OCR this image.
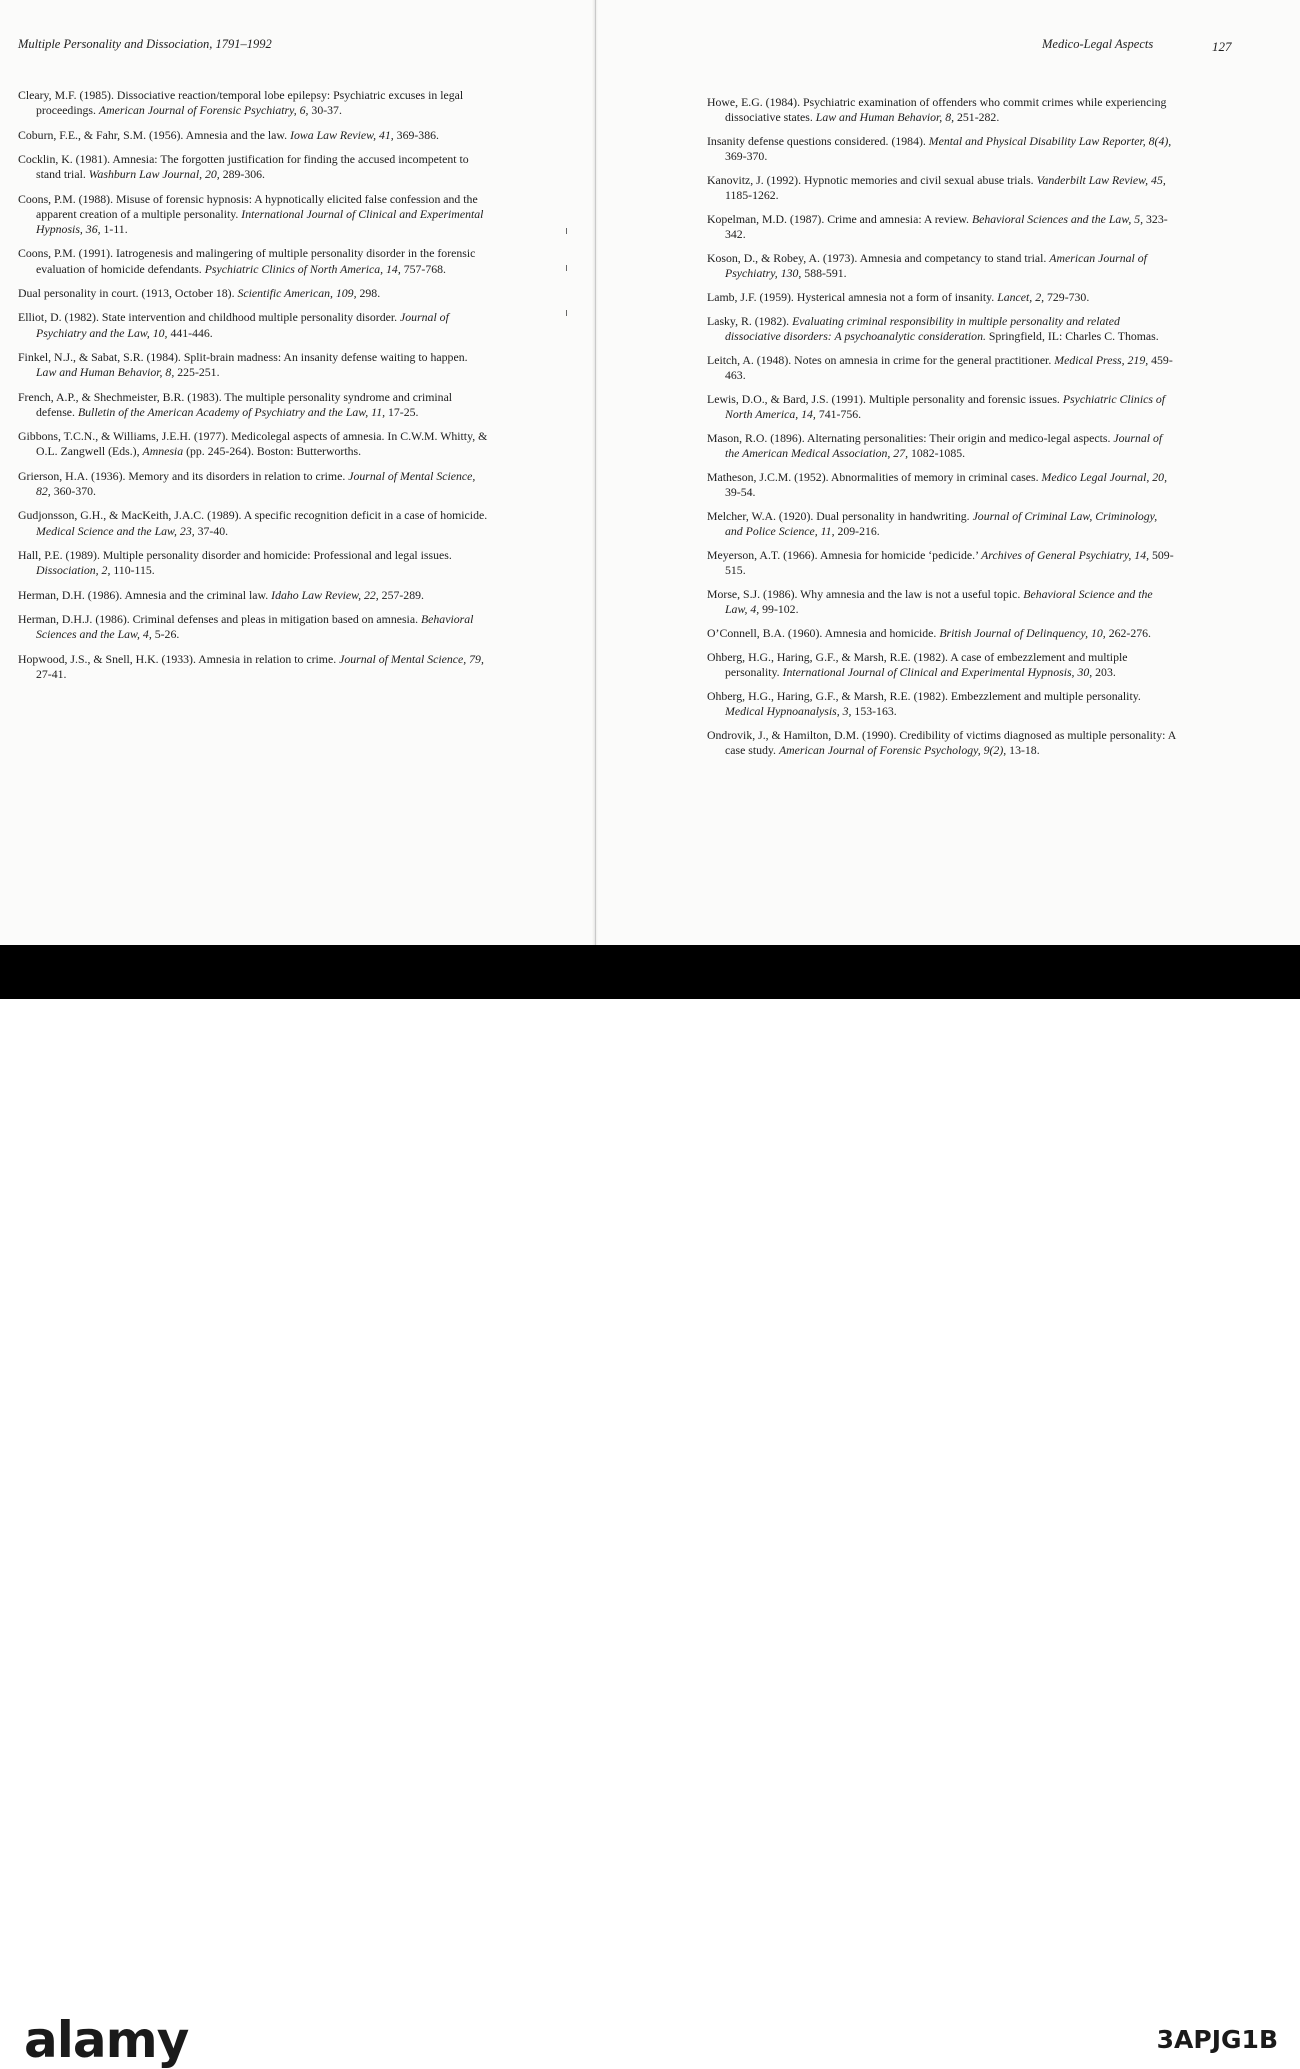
Multiple Personality and Dissociation, 1791–1992	Medico-Legal Aspects	127
Cleary, M.F. (1985). Dissociative reaction/temporal lobe epilepsy: Psychiatric excuses in legal proceedings. American Journal of Forensic Psychiatry, 6, 30-37.
Coburn, F.E., & Fahr, S.M. (1956). Amnesia and the law. Iowa Law Review, 41, 369-386.
Cocklin, K. (1981). Amnesia: The forgotten justification for finding the accused incompetent to stand trial. Washburn Law Journal, 20, 289-306.
Coons, P.M. (1988). Misuse of forensic hypnosis: A hypnotically elicited false confession and the apparent creation of a multiple personality. International Journal of Clinical and Experimental Hypnosis, 36, 1-11.
Coons, P.M. (1991). Iatrogenesis and malingering of multiple personality disorder in the forensic evaluation of homicide defendants. Psychiatric Clinics of North America, 14, 757-768.
Dual personality in court. (1913, October 18). Scientific American, 109, 298.
Elliot, D. (1982). State intervention and childhood multiple personality disorder. Journal of Psychiatry and the Law, 10, 441-446.
Finkel, N.J., & Sabat, S.R. (1984). Split-brain madness: An insanity defense waiting to happen. Law and Human Behavior, 8, 225-251.
French, A.P., & Shechmeister, B.R. (1983). The multiple personality syndrome and criminal defense. Bulletin of the American Academy of Psychiatry and the Law, 11, 17-25.
Gibbons, T.C.N., & Williams, J.E.H. (1977). Medicolegal aspects of amnesia. In C.W.M. Whitty, & O.L. Zangwell (Eds.), Amnesia (pp. 245-264). Boston: Butterworths.
Grierson, H.A. (1936). Memory and its disorders in relation to crime. Journal of Mental Science, 82, 360-370.
Gudjonsson, G.H., & MacKeith, J.A.C. (1989). A specific recognition deficit in a case of homicide. Medical Science and the Law, 23, 37-40.
Hall, P.E. (1989). Multiple personality disorder and homicide: Professional and legal issues. Dissociation, 2, 110-115.
Herman, D.H. (1986). Amnesia and the criminal law. Idaho Law Review, 22, 257-289.
Herman, D.H.J. (1986). Criminal defenses and pleas in mitigation based on amnesia. Behavioral Sciences and the Law, 4, 5-26.
Hopwood, J.S., & Snell, H.K. (1933). Amnesia in relation to crime. Journal of Mental Science, 79, 27-41.
Howe, E.G. (1984). Psychiatric examination of offenders who commit crimes while experiencing dissociative states. Law and Human Behavior, 8, 251-282.
Insanity defense questions considered. (1984). Mental and Physical Disability Law Reporter, 8(4), 369-370.
Kanovitz, J. (1992). Hypnotic memories and civil sexual abuse trials. Vanderbilt Law Review, 45, 1185-1262.
Kopelman, M.D. (1987). Crime and amnesia: A review. Behavioral Sciences and the Law, 5, 323-342.
Koson, D., & Robey, A. (1973). Amnesia and competancy to stand trial. American Journal of Psychiatry, 130, 588-591.
Lamb, J.F. (1959). Hysterical amnesia not a form of insanity. Lancet, 2, 729-730.
Lasky, R. (1982). Evaluating criminal responsibility in multiple personality and related dissociative disorders: A psychoanalytic consideration. Springfield, IL: Charles C. Thomas.
Leitch, A. (1948). Notes on amnesia in crime for the general practitioner. Medical Press, 219, 459-463.
Lewis, D.O., & Bard, J.S. (1991). Multiple personality and forensic issues. Psychiatric Clinics of North America, 14, 741-756.
Mason, R.O. (1896). Alternating personalities: Their origin and medico-legal aspects. Journal of the American Medical Association, 27, 1082-1085.
Matheson, J.C.M. (1952). Abnormalities of memory in criminal cases. Medico Legal Journal, 20, 39-54.
Melcher, W.A. (1920). Dual personality in handwriting. Journal of Criminal Law, Criminology, and Police Science, 11, 209-216.
Meyerson, A.T. (1966). Amnesia for homicide ‘pedicide.’ Archives of General Psychiatry, 14, 509-515.
Morse, S.J. (1986). Why amnesia and the law is not a useful topic. Behavioral Science and the Law, 4, 99-102.
O’Connell, B.A. (1960). Amnesia and homicide. British Journal of Delinquency, 10, 262-276.
Ohberg, H.G., Haring, G.F., & Marsh, R.E. (1982). A case of embezzlement and multiple personality. International Journal of Clinical and Experimental Hypnosis, 30, 203.
Ohberg, H.G., Haring, G.F., & Marsh, R.E. (1982). Embezzlement and multiple personality. Medical Hypnoanalysis, 3, 153-163.
Ondrovik, J., & Hamilton, D.M. (1990). Credibility of victims diagnosed as multiple personality: A case study. American Journal of Forensic Psychology, 9(2), 13-18.
alamy	3APJG1B
